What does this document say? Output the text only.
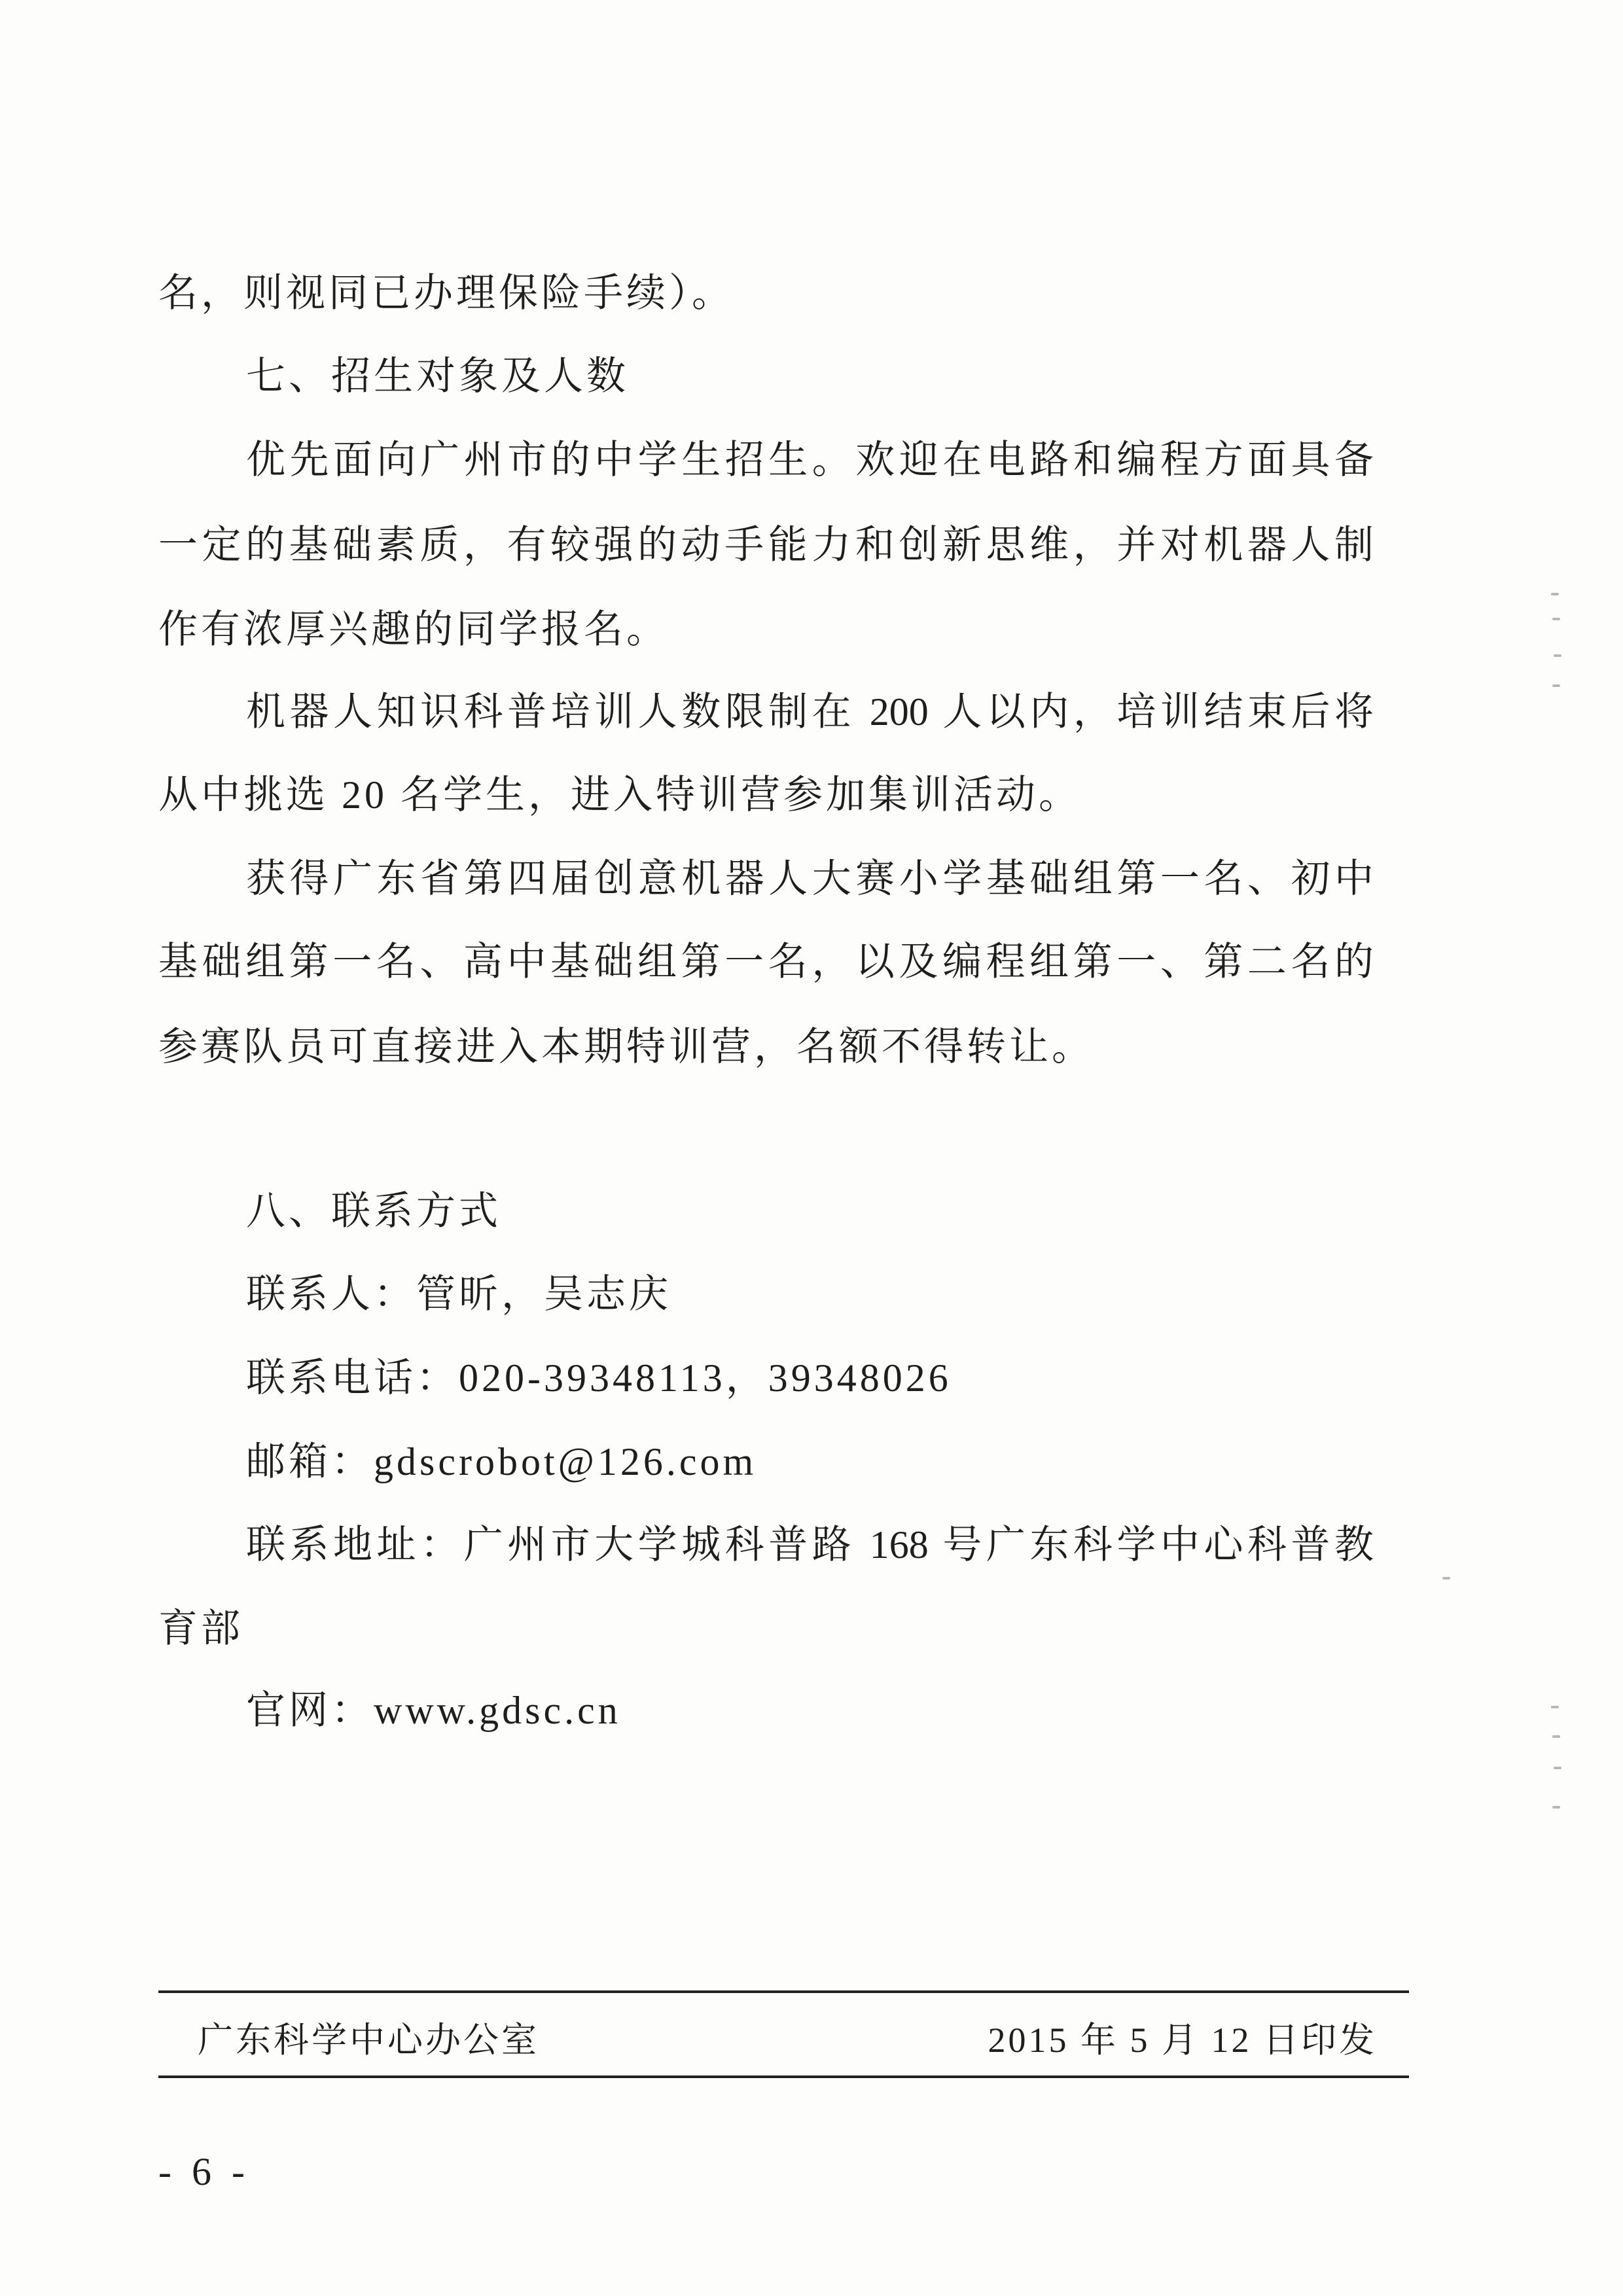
名，则视同已办理保险手续）。
七、招生对象及人数
优先面向广州市的中学生招生。欢迎在电路和编程方面具备
一定的基础素质，有较强的动手能力和创新思维，并对机器人制
作有浓厚兴趣的同学报名。
机器人知识科普培训人数限制在 200 人以内，培训结束后将
从中挑选 20 名学生，进入特训营参加集训活动。
获得广东省第四届创意机器人大赛小学基础组第一名、初中
基础组第一名、高中基础组第一名，以及编程组第一、第二名的
参赛队员可直接进入本期特训营，名额不得转让。
八、联系方式
联系人：管昕，吴志庆
联系电话：020-39348113，39348026
邮箱：gdscrobot@126.com
联系地址：广州市大学城科普路 168 号广东科学中心科普教
育部
官网：www.gdsc.cn
广东科学中心办公室	2015 年 5 月 12 日印发
- 6 -
